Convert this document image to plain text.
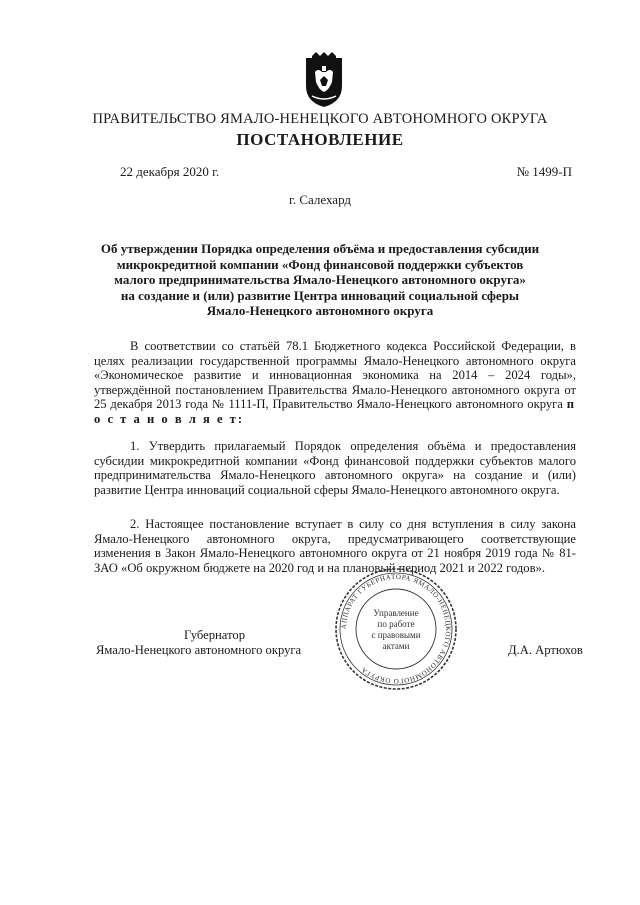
ПРАВИТЕЛЬСТВО ЯМАЛО-НЕНЕЦКОГО АВТОНОМНОГО ОКРУГА
ПОСТАНОВЛЕНИЕ
22 декабря 2020 г.	№ 1499-П
г. Салехард
Об утверждении Порядка определения объёма и предоставления субсидии
микрокредитной компании «Фонд финансовой поддержки субъектов
малого предпринимательства Ямало-Ненецкого автономного округа»
на создание и (или) развитие Центра инноваций социальной сферы
Ямало-Ненецкого автономного округа
В соответствии со статьёй 78.1 Бюджетного кодекса Российской Федерации, в целях реализации государственной программы Ямало-Ненецкого автономного округа «Экономическое развитие и инновационная экономика на 2014 – 2024 годы», утверждённой постановлением Правительства Ямало-Ненецкого автономного округа от 25 декабря 2013 года № 1111-П, Правительство Ямало-Ненецкого автономного округа п о с т а н о в л я е т:
1. Утвердить прилагаемый Порядок определения объёма и предоставления субсидии микрокредитной компании «Фонд финансовой поддержки субъектов малого предпринимательства Ямало-Ненецкого автономного округа» на создание и (или) развитие Центра инноваций социальной сферы Ямало-Ненецкого автономного округа.
2. Настоящее постановление вступает в силу со дня вступления в силу закона Ямало-Ненецкого автономного округа, предусматривающего соответствующие изменения в Закон Ямало-Ненецкого автономного округа от 21 ноября 2019 года № 81-ЗАО «Об окружном бюджете на 2020 год и на плановый период 2021 и 2022 годов».
Губернатор
Ямало-Ненецкого автономного округа	Д.А. Артюхов
АППАРАТ ГУБЕРНАТОРА ЯМАЛО-НЕНЕЦКОГО АВТОНОМНОГО ОКРУГА
Управление
по работе
с правовыми
актами
